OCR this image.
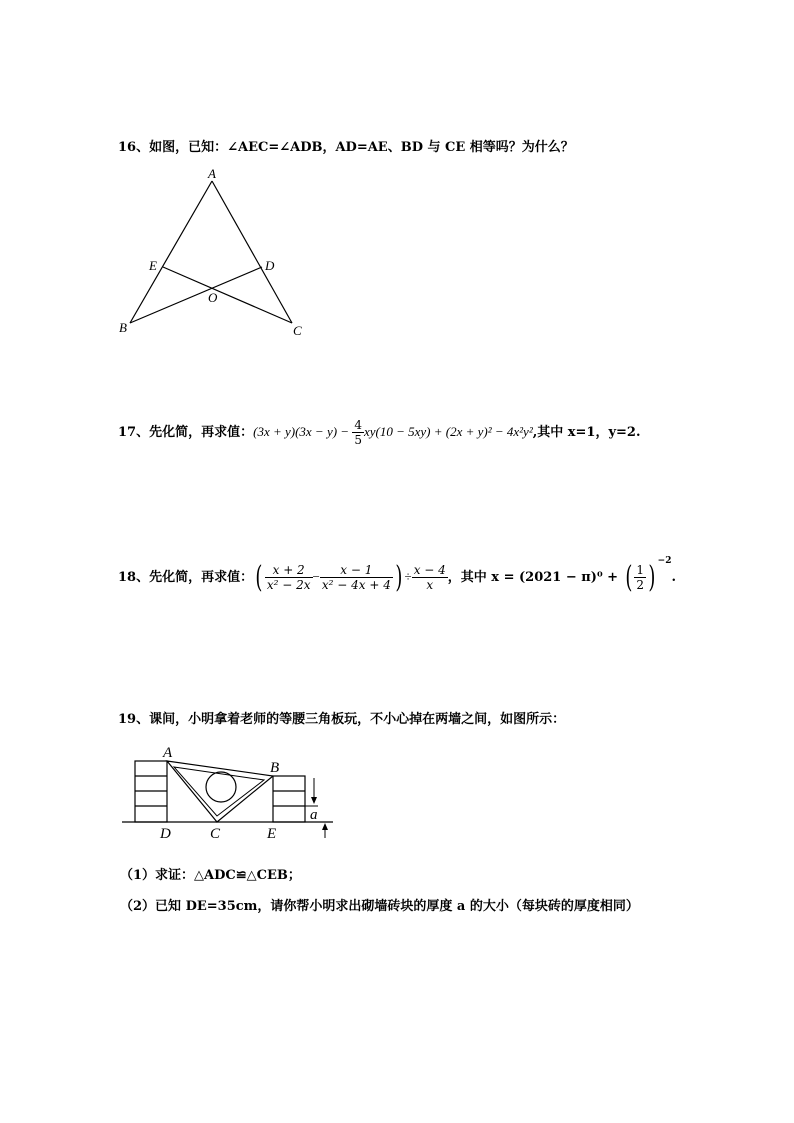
16、如图，已知：∠AEC=∠ADB，AD=AE、BD 与 CE 相等吗？为什么？
A
E	D
O
B	C
17、先化简，再求值：$(3x + y)(3x - y) - \frac{4}{5} xy(10 - 5xy) + (2x + y)^2 - 4x^2y^2$,其中 x=1，y=2.
18、先化简，再求值：( $\frac{x + 2}{\text{x² − 2x}} - \frac{x - 1}{\text{x² − 4x + 4}}$ ) ÷ $\frac{x - 4}{x}$ ，其中 x = (2021 − π)⁰ + ( $\frac{1}{2}$ ) $^{-2}$.
19、课间，小明拿着老师的等腰三角板玩，不小心掉在两墙之间，如图所示：
A
B
D	C	E
a
（1）求证：△ADC≌△CEB；
（2）已知 DE=35cm，请你帮小明求出砌墙砖块的厚度 a 的大小（每块砖的厚度相同）
